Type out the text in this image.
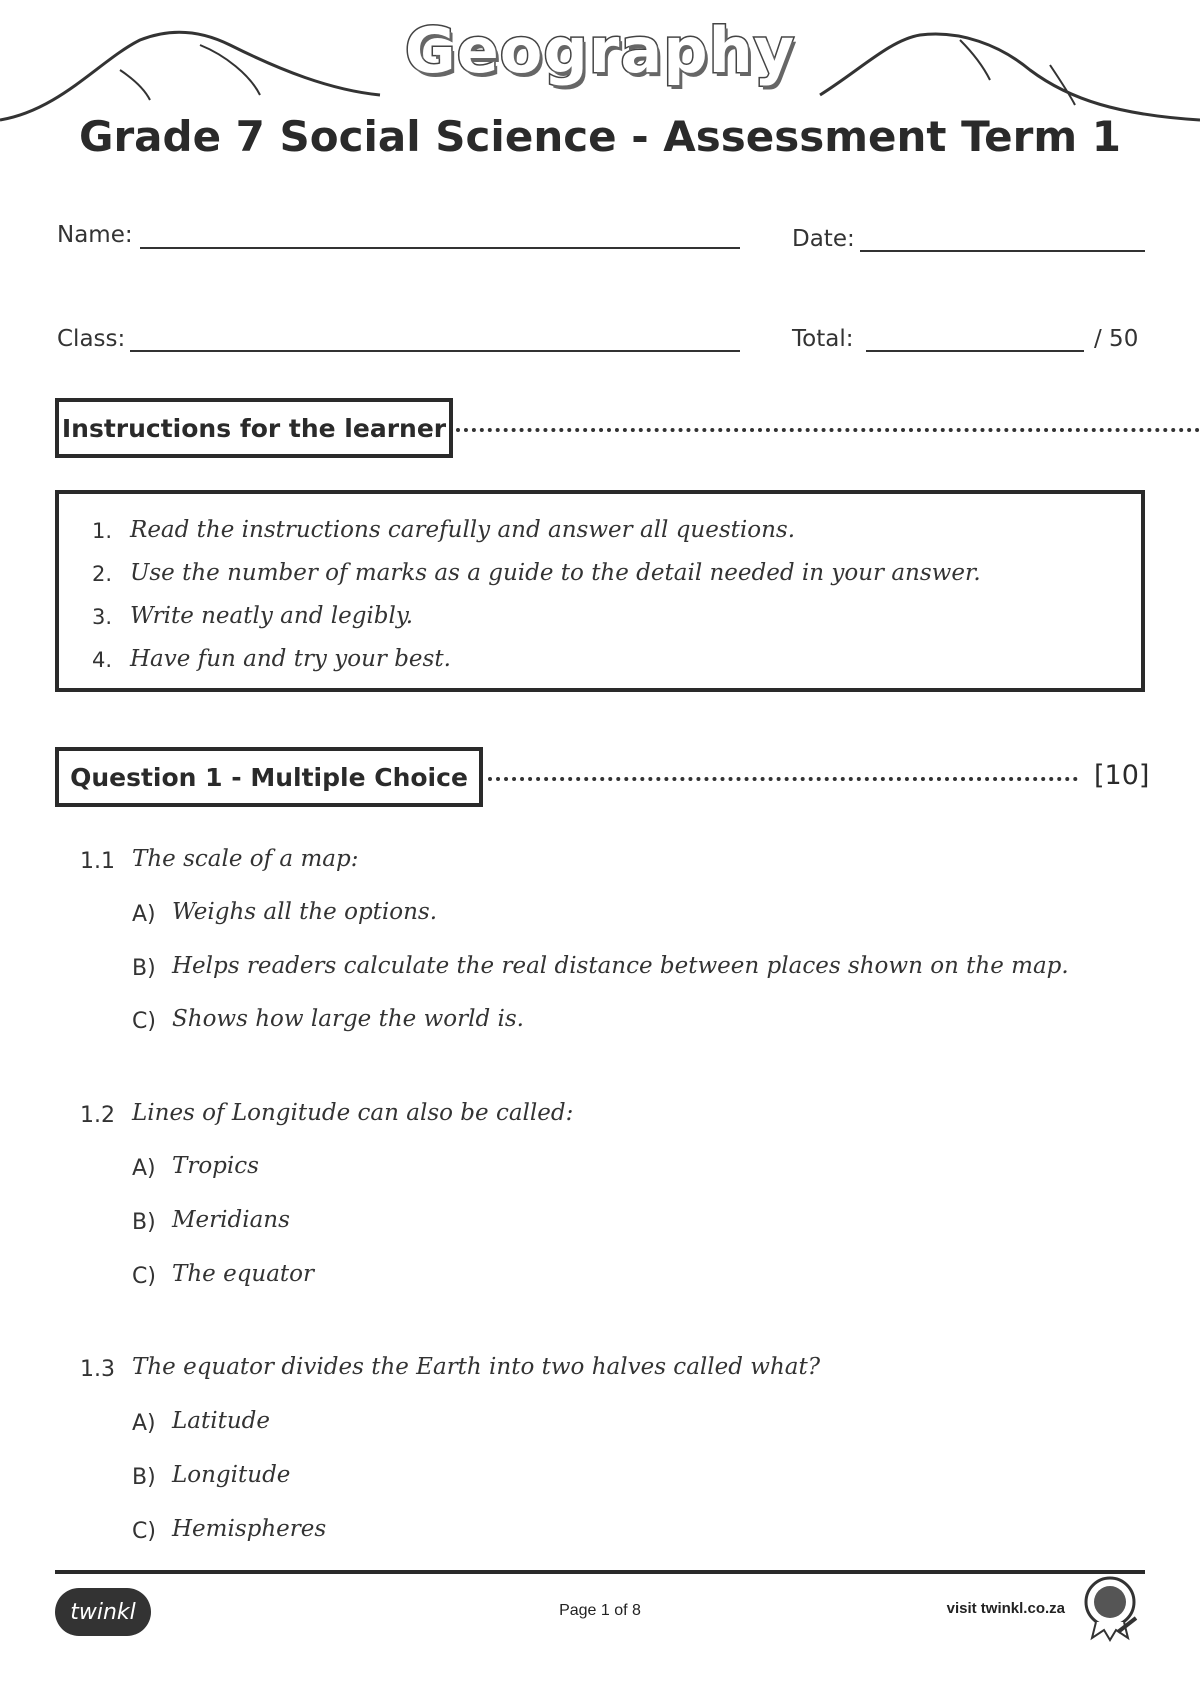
Geography
Grade 7 Social Science - Assessment Term 1
Name:	Date:
Class:	Total:	/ 50
Instructions for the learner
1. Read the instructions carefully and answer all questions.
2. Use the number of marks as a guide to the detail needed in your answer.
3. Write neatly and legibly.
4. Have fun and try your best.
Question 1 - Multiple Choice	[10]
1.1 The scale of a map:
A) Weighs all the options.
B) Helps readers calculate the real distance between places shown on the map.
C) Shows how large the world is.
1.2 Lines of Longitude can also be called:
A) Tropics
B) Meridians
C) The equator
1.3 The equator divides the Earth into two halves called what?
A) Latitude
B) Longitude
C) Hemispheres
twinkl	Page 1 of 8	visit twinkl.co.za
